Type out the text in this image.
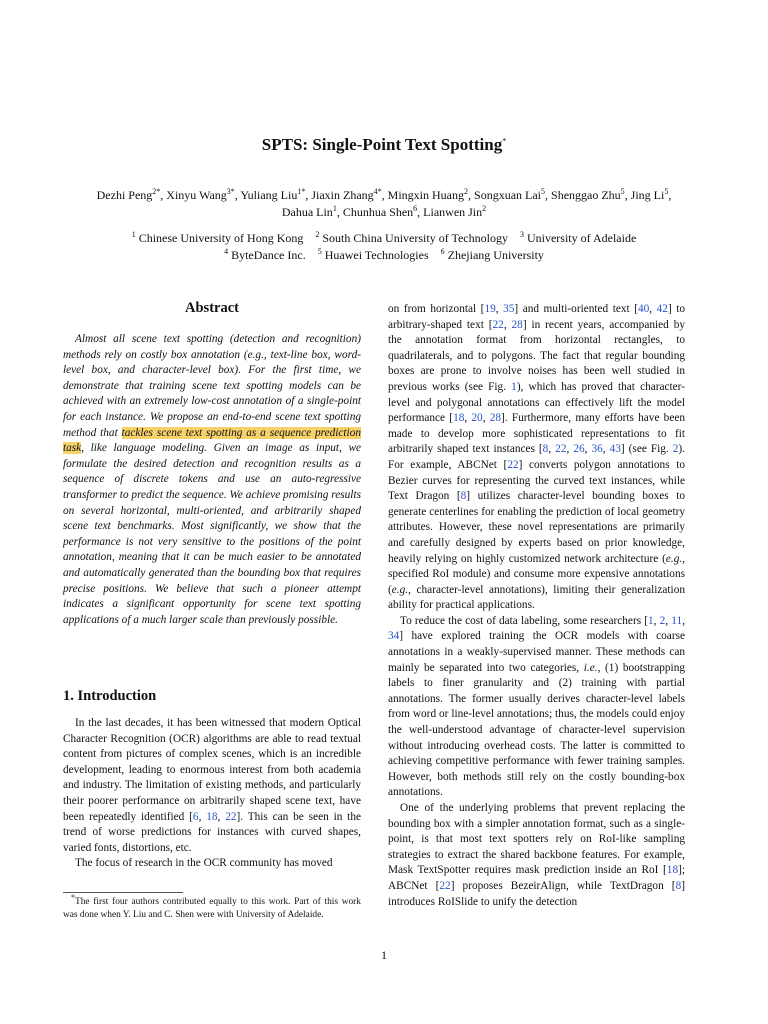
SPTS: Single-Point Text Spotting*
Dezhi Peng$^{2*}$, Xinyu Wang$^{3*}$, Yuliang Liu$^{1*}$, Jiaxin Zhang$^{4*}$, Mingxin Huang$^2$, Songxuan Lai$^5$, Shenggao Zhu$^5$, Jing Li$^5$,
Dahua Lin$^1$, Chunhua Shen$^6$, Lianwen Jin$^2$
$^1$ Chinese University of Hong Kong $^2$ South China University of Technology $^3$ University of Adelaide
$^4$ ByteDance Inc. $^5$ Huawei Technologies $^6$ Zhejiang University
Abstract

Almost all scene text spotting (detection and recognition) methods rely on costly box annotation (e.g., text-line box, word-level box, and character-level box). For the first time, we demonstrate that training scene text spotting models can be achieved with an extremely low-cost annotation of a single-point for each instance. We propose an end-to-end scene text spotting method that tackles scene text spotting as a sequence prediction task, like language modeling. Given an image as input, we formulate the desired detection and recognition results as a sequence of discrete tokens and use an auto-regressive transformer to predict the sequence. We achieve promising results on several horizontal, multi-oriented, and arbitrarily shaped scene text benchmarks. Most significantly, we show that the performance is not very sensitive to the positions of the point annotation, meaning that it can be much easier to be annotated and automatically generated than the bounding box that requires precise positions. We believe that such a pioneer attempt indicates a significant opportunity for scene text spotting applications of a much larger scale than previously possible.

1. Introduction

In the last decades, it has been witnessed that modern Optical Character Recognition (OCR) algorithms are able to read textual content from pictures of complex scenes, which is an incredible development, leading to enormous interest from both academia and industry. The limitation of existing methods, and particularly their poorer performance on arbitrarily shaped scene text, have been repeatedly identified [6, 18, 22]. This can be seen in the trend of worse predictions for instances with curved shapes, varied fonts, distortions, etc.

The focus of research in the OCR community has moved

on from horizontal [19, 35] and multi-oriented text [40, 42] to arbitrary-shaped text [22, 28] in recent years, accompanied by the annotation format from horizontal rectangles, to quadrilaterals, and to polygons. The fact that regular bounding boxes are prone to involve noises has been well studied in previous works (see Fig. 1), which has proved that character-level and polygonal annotations can effectively lift the model performance [18, 20, 28]. Furthermore, many efforts have been made to develop more sophisticated representations to fit arbitrarily shaped text instances [8, 22, 26, 36, 43] (see Fig. 2). For example, ABCNet [22] converts polygon annotations to Bezier curves for representing the curved text instances, while Text Dragon [8] utilizes character-level bounding boxes to generate centerlines for enabling the prediction of local geometry attributes. However, these novel representations are primarily and carefully designed by experts based on prior knowledge, heavily relying on highly customized network architecture (e.g., specified RoI module) and consume more expensive annotations (e.g., character-level annotations), limiting their generalization ability for practical applications.

To reduce the cost of data labeling, some researchers [1, 2, 11, 34] have explored training the OCR models with coarse annotations in a weakly-supervised manner. These methods can mainly be separated into two categories, i.e., (1) bootstrapping labels to finer granularity and (2) training with partial annotations. The former usually derives character-level labels from word or line-level annotations; thus, the models could enjoy the well-understood advantage of character-level supervision without introducing overhead costs. The latter is committed to achieving competitive performance with fewer training samples. However, both methods still rely on the costly bounding-box annotations.

One of the underlying problems that prevent replacing the bounding box with a simpler annotation format, such as a single-point, is that most text spotters rely on RoI-like sampling strategies to extract the shared backbone features. For example, Mask TextSpotter requires mask prediction inside an RoI [18]; ABCNet [22] proposes BezeirAlign, while TextDragon [8] introduces RoISlide to unify the detection

*The first four authors contributed equally to this work. Part of this work was done when Y. Liu and C. Shen were with University of Adelaide.

1
